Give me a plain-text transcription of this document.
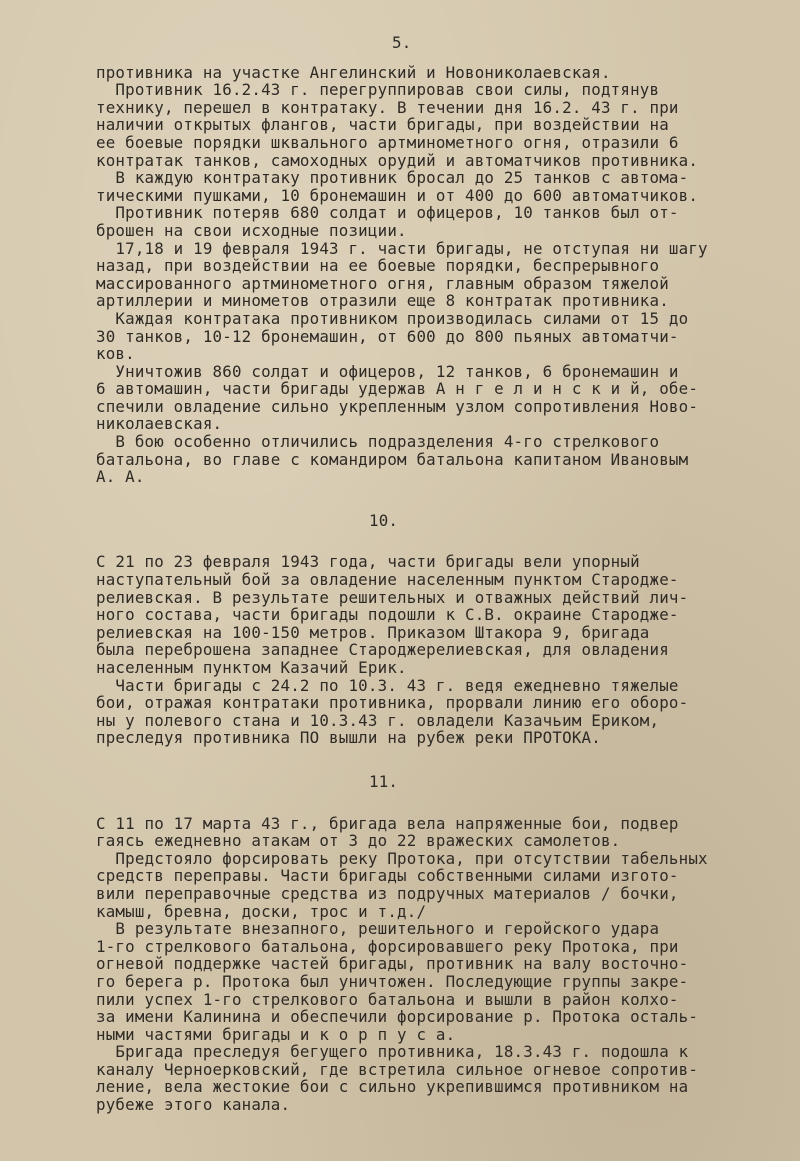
5.
противника на участке Ангелинский и Новониколаевская.
Противник 16.2.43 г. перегруппировав свои силы, подтянув
технику, перешел в контратаку. В течении дня 16.2. 43 г. при
наличии открытых флангов, части бригады, при воздействии на
ее боевые порядки шквального артминометного огня, отразили 6
контратак танков, самоходных орудий и автоматчиков противника.
В каждую контратаку противник бросал до 25 танков с автома-
тическими пушками, 10 бронемашин и от 400 до 600 автоматчиков.
Противник потеряв 680 солдат и офицеров, 10 танков был от-
брошен на свои исходные позиции.
17,18 и 19 февраля 1943 г. части бригады, не отступая ни шагу
назад, при воздействии на ее боевые порядки, беспрерывного
массированного артминометного огня, главным образом тяжелой
артиллерии и минометов отразили еще 8 контратак противника.
Каждая контратака противником производилась силами от 15 до
30 танков, 10-12 бронемашин, от 600 до 800 пьяных автоматчи-
ков.
Уничтожив 860 солдат и офицеров, 12 танков, 6 бронемашин и
6 автомашин, части бригады удержав А н г е л и н с к и й, обе-
спечили овладение сильно укрепленным узлом сопротивления Ново-
николаевская.
В бою особенно отличились подразделения 4-го стрелкового
батальона, во главе с командиром батальона капитаном Ивановым
А. А.
10.
С 21 по 23 февраля 1943 года, части бригады вели упорный
наступательный бой за овладение населенным пунктом Староджe-
релиевская. В результате решительных и отважных действий лич-
ного состава, части бригады подошли к С.В. окраине Староджe-
релиевская на 100-150 метров. Приказом Штакора 9, бригада
была переброшена западнее Староджерелиевская, для овладения
населенным пунктом Казачий Ерик.
Части бригады с 24.2 по 10.3. 43 г. ведя ежедневно тяжелые
бои, отражая контратаки противника, прорвали линию его оборо-
ны у полевого стана и 10.3.43 г. овладели Казачьим Ериком,
преследуя противника ПО вышли на рубеж реки ПРОТОКА.
11.
С 11 по 17 марта 43 г., бригада вела напряженные бои, подвер
гаясь ежедневно атакам от 3 до 22 вражеских самолетов.
Предстояло форсировать реку Протока, при отсутствии табельных
средств переправы. Части бригады собственными силами изгото-
вили переправочные средства из подручных материалов / бочки,
камыш, бревна, доски, трос и т.д./
В результате внезапного, решительного и геройского удара
1-го стрелкового батальона, форсировавшего реку Протока, при
огневой поддержке частей бригады, противник на валу восточно-
го берега р. Протока был уничтожен. Последующие группы закре-
пили успех 1-го стрелкового батальона и вышли в район колхо-
за имени Калинина и обеспечили форсирование р. Протока осталь-
ными частями бригады и к о р п у с а.
Бригада преследуя бегущего противника, 18.3.43 г. подошла к
каналу Черноерковский, где встретила сильное огневое сопротив-
ление, вела жестокие бои с сильно укрепившимся противником на
рубеже этого канала.
